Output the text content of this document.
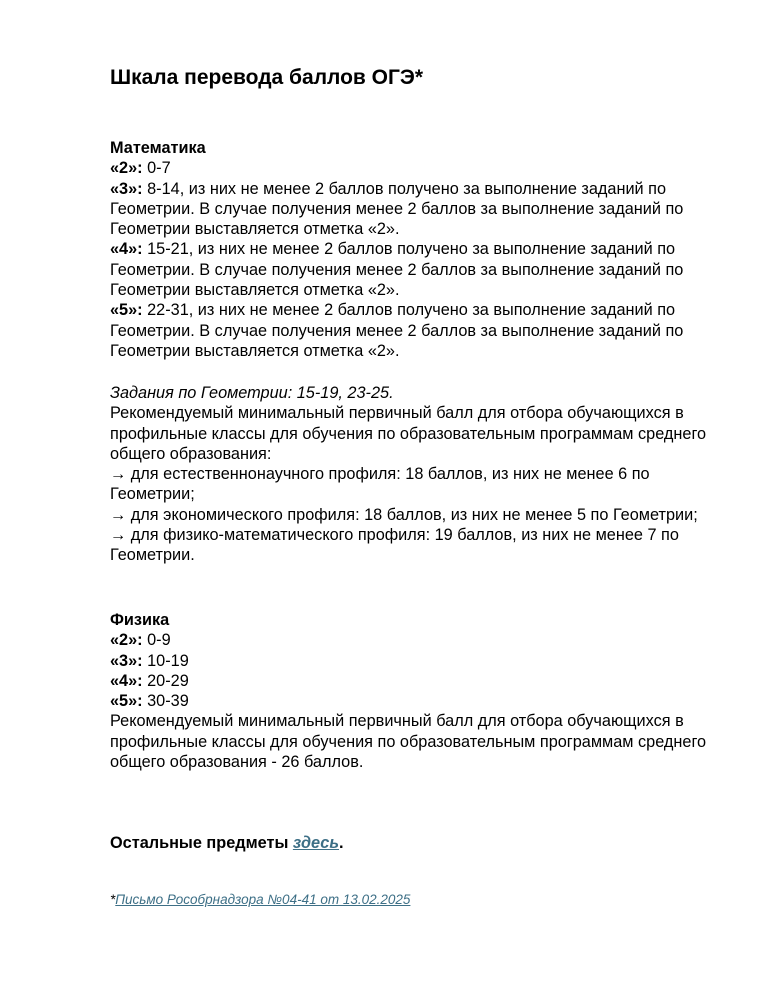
Шкала перевода баллов ОГЭ*

Математика

«2»: 0-7

«3»: 8-14, из них не менее 2 баллов получено за выполнение заданий по Геометрии. В случае получения менее 2 баллов за выполнение заданий по Геометрии выставляется отметка «2».

«4»: 15-21, из них не менее 2 баллов получено за выполнение заданий по Геометрии. В случае получения менее 2 баллов за выполнение заданий по Геометрии выставляется отметка «2».

«5»: 22-31, из них не менее 2 баллов получено за выполнение заданий по Геометрии. В случае получения менее 2 баллов за выполнение заданий по Геометрии выставляется отметка «2».

Задания по Геометрии: 15-19, 23-25.

Рекомендуемый минимальный первичный балл для отбора обучающихся в профильные классы для обучения по образовательным программам среднего общего образования:

→ для естественнонаучного профиля: 18 баллов, из них не менее 6 по Геометрии;

→ для экономического профиля: 18 баллов, из них не менее 5 по Геометрии;

→ для физико-математического профиля: 19 баллов, из них не менее 7 по Геометрии.

Физика

«2»: 0-9

«3»: 10-19

«4»: 20-29

«5»: 30-39

Рекомендуемый минимальный первичный балл для отбора обучающихся в профильные классы для обучения по образовательным программам среднего общего образования - 26 баллов.

Остальные предметы здесь.
*Письмо Рособрнадзора №04-41 от 13.02.2025
